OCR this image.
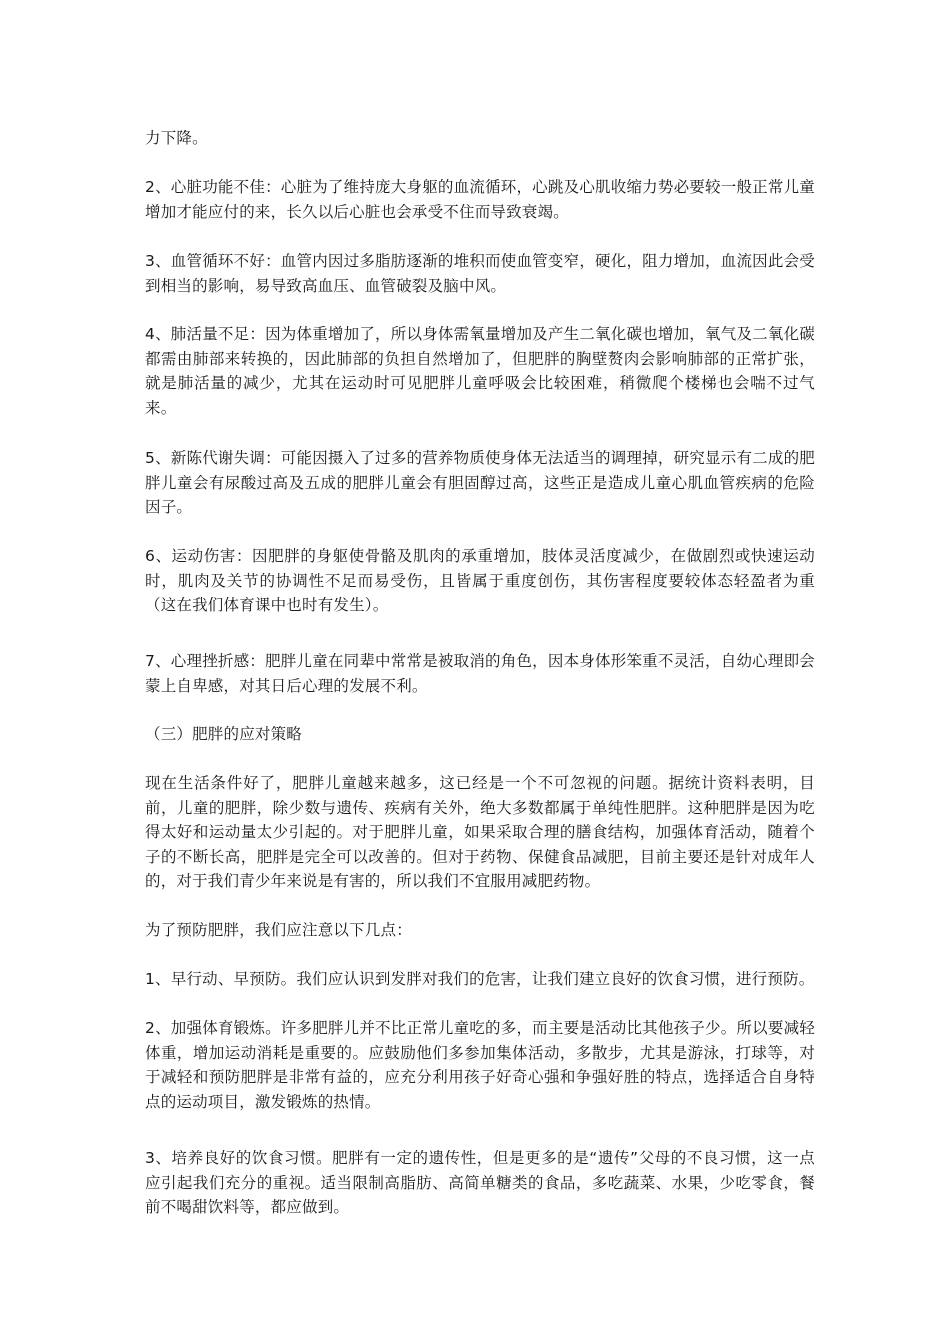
力下降。

2、心脏功能不佳：心脏为了维持庞大身躯的血流循环，心跳及心肌收缩力势必要较一般正常儿童增加才能应付的来，长久以后心脏也会承受不住而导致衰竭。

3、血管循环不好：血管内因过多脂肪逐渐的堆积而使血管变窄，硬化，阻力增加，血流因此会受到相当的影响，易导致高血压、血管破裂及脑中风。

4、肺活量不足：因为体重增加了，所以身体需氧量增加及产生二氧化碳也增加，氧气及二氧化碳都需由肺部来转换的，因此肺部的负担自然增加了，但肥胖的胸壁赘肉会影响肺部的正常扩张，就是肺活量的减少，尤其在运动时可见肥胖儿童呼吸会比较困难，稍微爬个楼梯也会喘不过气来。

5、新陈代谢失调：可能因摄入了过多的营养物质使身体无法适当的调理掉，研究显示有二成的肥胖儿童会有尿酸过高及五成的肥胖儿童会有胆固醇过高，这些正是造成儿童心肌血管疾病的危险因子。

6、运动伤害：因肥胖的身躯使骨骼及肌肉的承重增加，肢体灵活度减少，在做剧烈或快速运动时，肌肉及关节的协调性不足而易受伤，且皆属于重度创伤，其伤害程度要较体态轻盈者为重（这在我们体育课中也时有发生）。

7、心理挫折感：肥胖儿童在同辈中常常是被取消的角色，因本身体形笨重不灵活，自幼心理即会蒙上自卑感，对其日后心理的发展不利。

（三）肥胖的应对策略

现在生活条件好了，肥胖儿童越来越多，这已经是一个不可忽视的问题。据统计资料表明，目前，儿童的肥胖，除少数与遗传、疾病有关外，绝大多数都属于单纯性肥胖。这种肥胖是因为吃得太好和运动量太少引起的。对于肥胖儿童，如果采取合理的膳食结构，加强体育活动，随着个子的不断长高，肥胖是完全可以改善的。但对于药物、保健食品减肥，目前主要还是针对成年人的，对于我们青少年来说是有害的，所以我们不宜服用减肥药物。

为了预防肥胖，我们应注意以下几点：

1、早行动、早预防。我们应认识到发胖对我们的危害，让我们建立良好的饮食习惯，进行预防。

2、加强体育锻炼。许多肥胖儿并不比正常儿童吃的多，而主要是活动比其他孩子少。所以要减轻体重，增加运动消耗是重要的。应鼓励他们多参加集体活动，多散步，尤其是游泳，打球等，对于减轻和预防肥胖是非常有益的，应充分利用孩子好奇心强和争强好胜的特点，选择适合自身特点的运动项目，激发锻炼的热情。

3、培养良好的饮食习惯。肥胖有一定的遗传性，但是更多的是“遗传”父母的不良习惯，这一点应引起我们充分的重视。适当限制高脂肪、高简单糖类的食品，多吃蔬菜、水果，少吃零食，餐前不喝甜饮料等，都应做到。
